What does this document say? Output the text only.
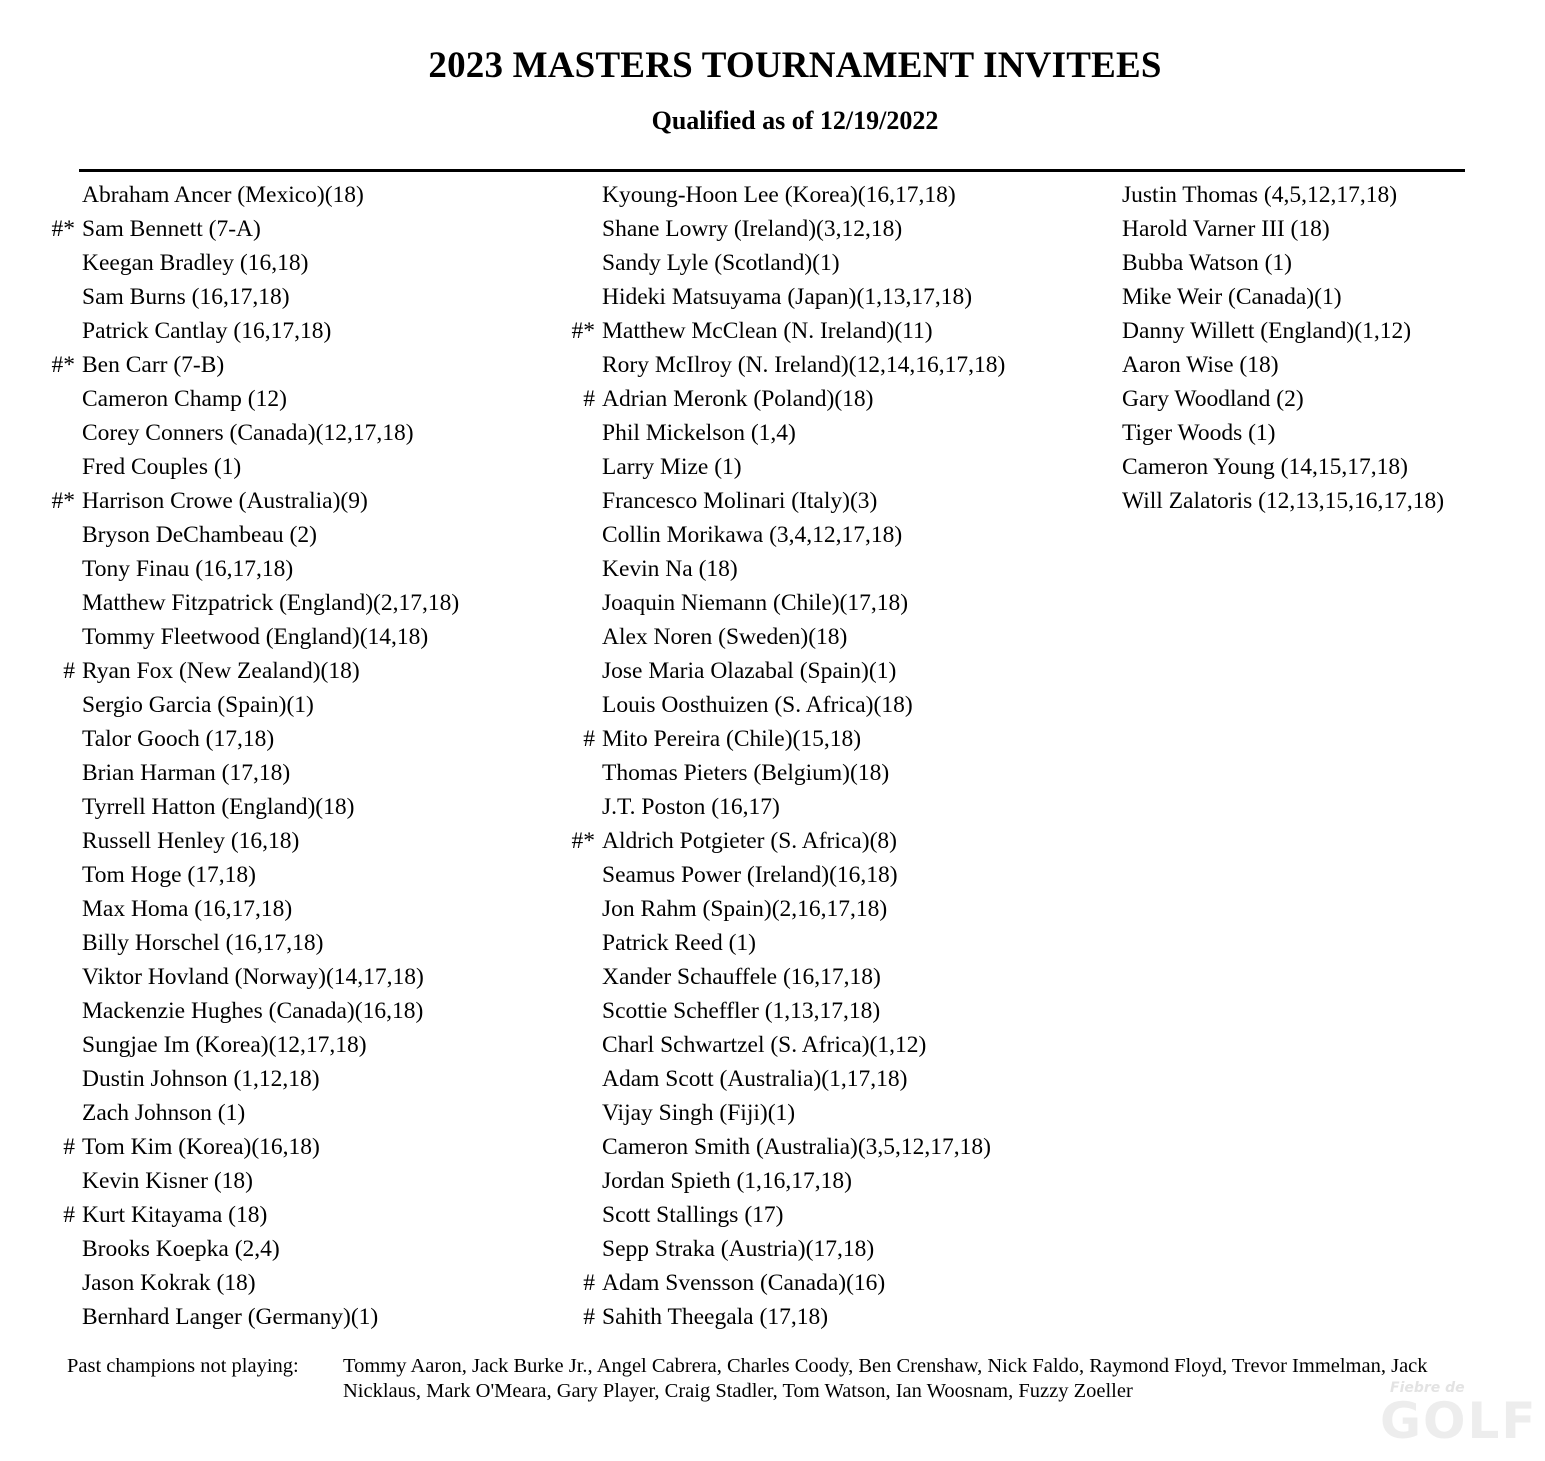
2023 MASTERS TOURNAMENT INVITEES
Qualified as of 12/19/2022
Abraham Ancer (Mexico)(18)
#* Sam Bennett (7-A)
Keegan Bradley (16,18)
Sam Burns (16,17,18)
Patrick Cantlay (16,17,18)
#* Ben Carr (7-B)
Cameron Champ (12)
Corey Conners (Canada)(12,17,18)
Fred Couples (1)
#* Harrison Crowe (Australia)(9)
Bryson DeChambeau (2)
Tony Finau (16,17,18)
Matthew Fitzpatrick (England)(2,17,18)
Tommy Fleetwood (England)(14,18)
# Ryan Fox (New Zealand)(18)
Sergio Garcia (Spain)(1)
Talor Gooch (17,18)
Brian Harman (17,18)
Tyrrell Hatton (England)(18)
Russell Henley (16,18)
Tom Hoge (17,18)
Max Homa (16,17,18)
Billy Horschel (16,17,18)
Viktor Hovland (Norway)(14,17,18)
Mackenzie Hughes (Canada)(16,18)
Sungjae Im (Korea)(12,17,18)
Dustin Johnson (1,12,18)
Zach Johnson (1)
# Tom Kim (Korea)(16,18)
Kevin Kisner (18)
# Kurt Kitayama (18)
Brooks Koepka (2,4)
Jason Kokrak (18)
Bernhard Langer (Germany)(1)
Kyoung-Hoon Lee (Korea)(16,17,18)
Shane Lowry (Ireland)(3,12,18)
Sandy Lyle (Scotland)(1)
Hideki Matsuyama (Japan)(1,13,17,18)
#* Matthew McClean (N. Ireland)(11)
Rory McIlroy (N. Ireland)(12,14,16,17,18)
# Adrian Meronk (Poland)(18)
Phil Mickelson (1,4)
Larry Mize (1)
Francesco Molinari (Italy)(3)
Collin Morikawa (3,4,12,17,18)
Kevin Na (18)
Joaquin Niemann (Chile)(17,18)
Alex Noren (Sweden)(18)
Jose Maria Olazabal (Spain)(1)
Louis Oosthuizen (S. Africa)(18)
# Mito Pereira (Chile)(15,18)
Thomas Pieters (Belgium)(18)
J.T. Poston (16,17)
#* Aldrich Potgieter (S. Africa)(8)
Seamus Power (Ireland)(16,18)
Jon Rahm (Spain)(2,16,17,18)
Patrick Reed (1)
Xander Schauffele (16,17,18)
Scottie Scheffler (1,13,17,18)
Charl Schwartzel (S. Africa)(1,12)
Adam Scott (Australia)(1,17,18)
Vijay Singh (Fiji)(1)
Cameron Smith (Australia)(3,5,12,17,18)
Jordan Spieth (1,16,17,18)
Scott Stallings (17)
Sepp Straka (Austria)(17,18)
# Adam Svensson (Canada)(16)
# Sahith Theegala (17,18)
Justin Thomas (4,5,12,17,18)
Harold Varner III (18)
Bubba Watson (1)
Mike Weir (Canada)(1)
Danny Willett (England)(1,12)
Aaron Wise (18)
Gary Woodland (2)
Tiger Woods (1)
Cameron Young (14,15,17,18)
Will Zalatoris (12,13,15,16,17,18)
Past champions not playing: Tommy Aaron, Jack Burke Jr., Angel Cabrera, Charles Coody, Ben Crenshaw, Nick Faldo, Raymond Floyd, Trevor Immelman, Jack Nicklaus, Mark O'Meara, Gary Player, Craig Stadler, Tom Watson, Ian Woosnam, Fuzzy Zoeller	Fiebre de
GOLF
